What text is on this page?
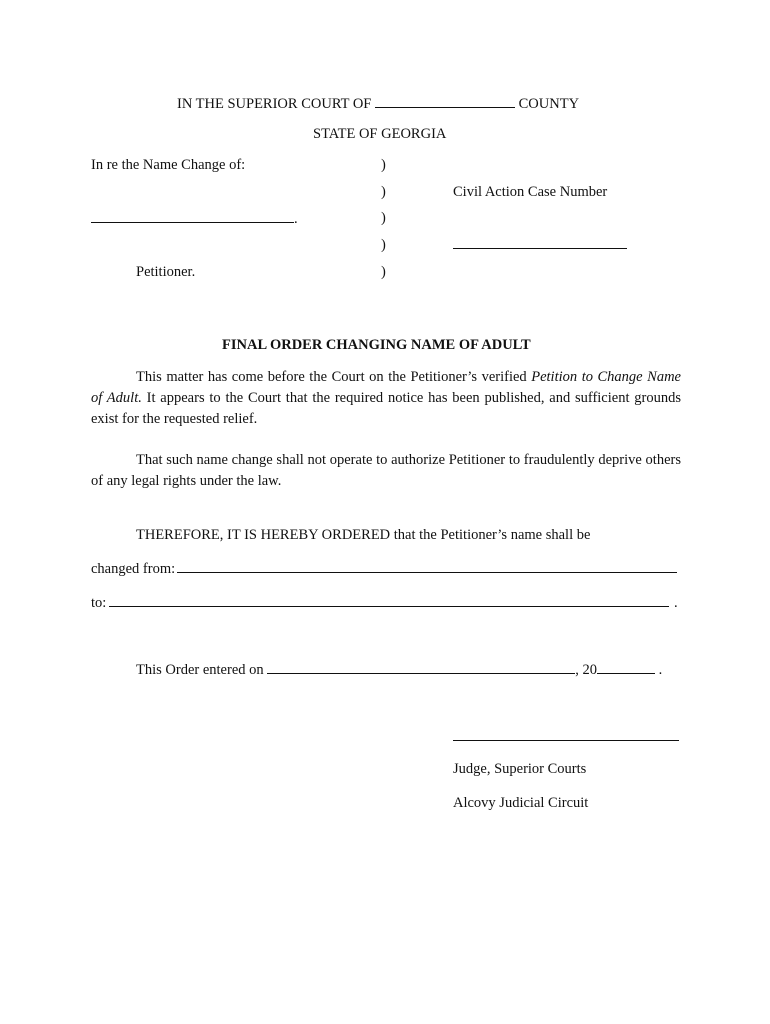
IN THE SUPERIOR COURT OF	COUNTY
STATE OF GEORGIA
In re the Name Change of:
.
Petitioner.
)
)
)
)
)
Civil Action Case Number
FINAL ORDER CHANGING NAME OF ADULT
This matter has come before the Court on the Petitioner’s verified Petition to Change Name of Adult. It appears to the Court that the required notice has been published, and sufficient grounds exist for the requested relief.
That such name change shall not operate to authorize Petitioner to fraudulently deprive others of any legal rights under the law.
THEREFORE, IT IS HEREBY ORDERED that the Petitioner’s name shall be
changed from:
to:	.
This Order entered on	, 20	.
Judge, Superior Courts
Alcovy Judicial Circuit
